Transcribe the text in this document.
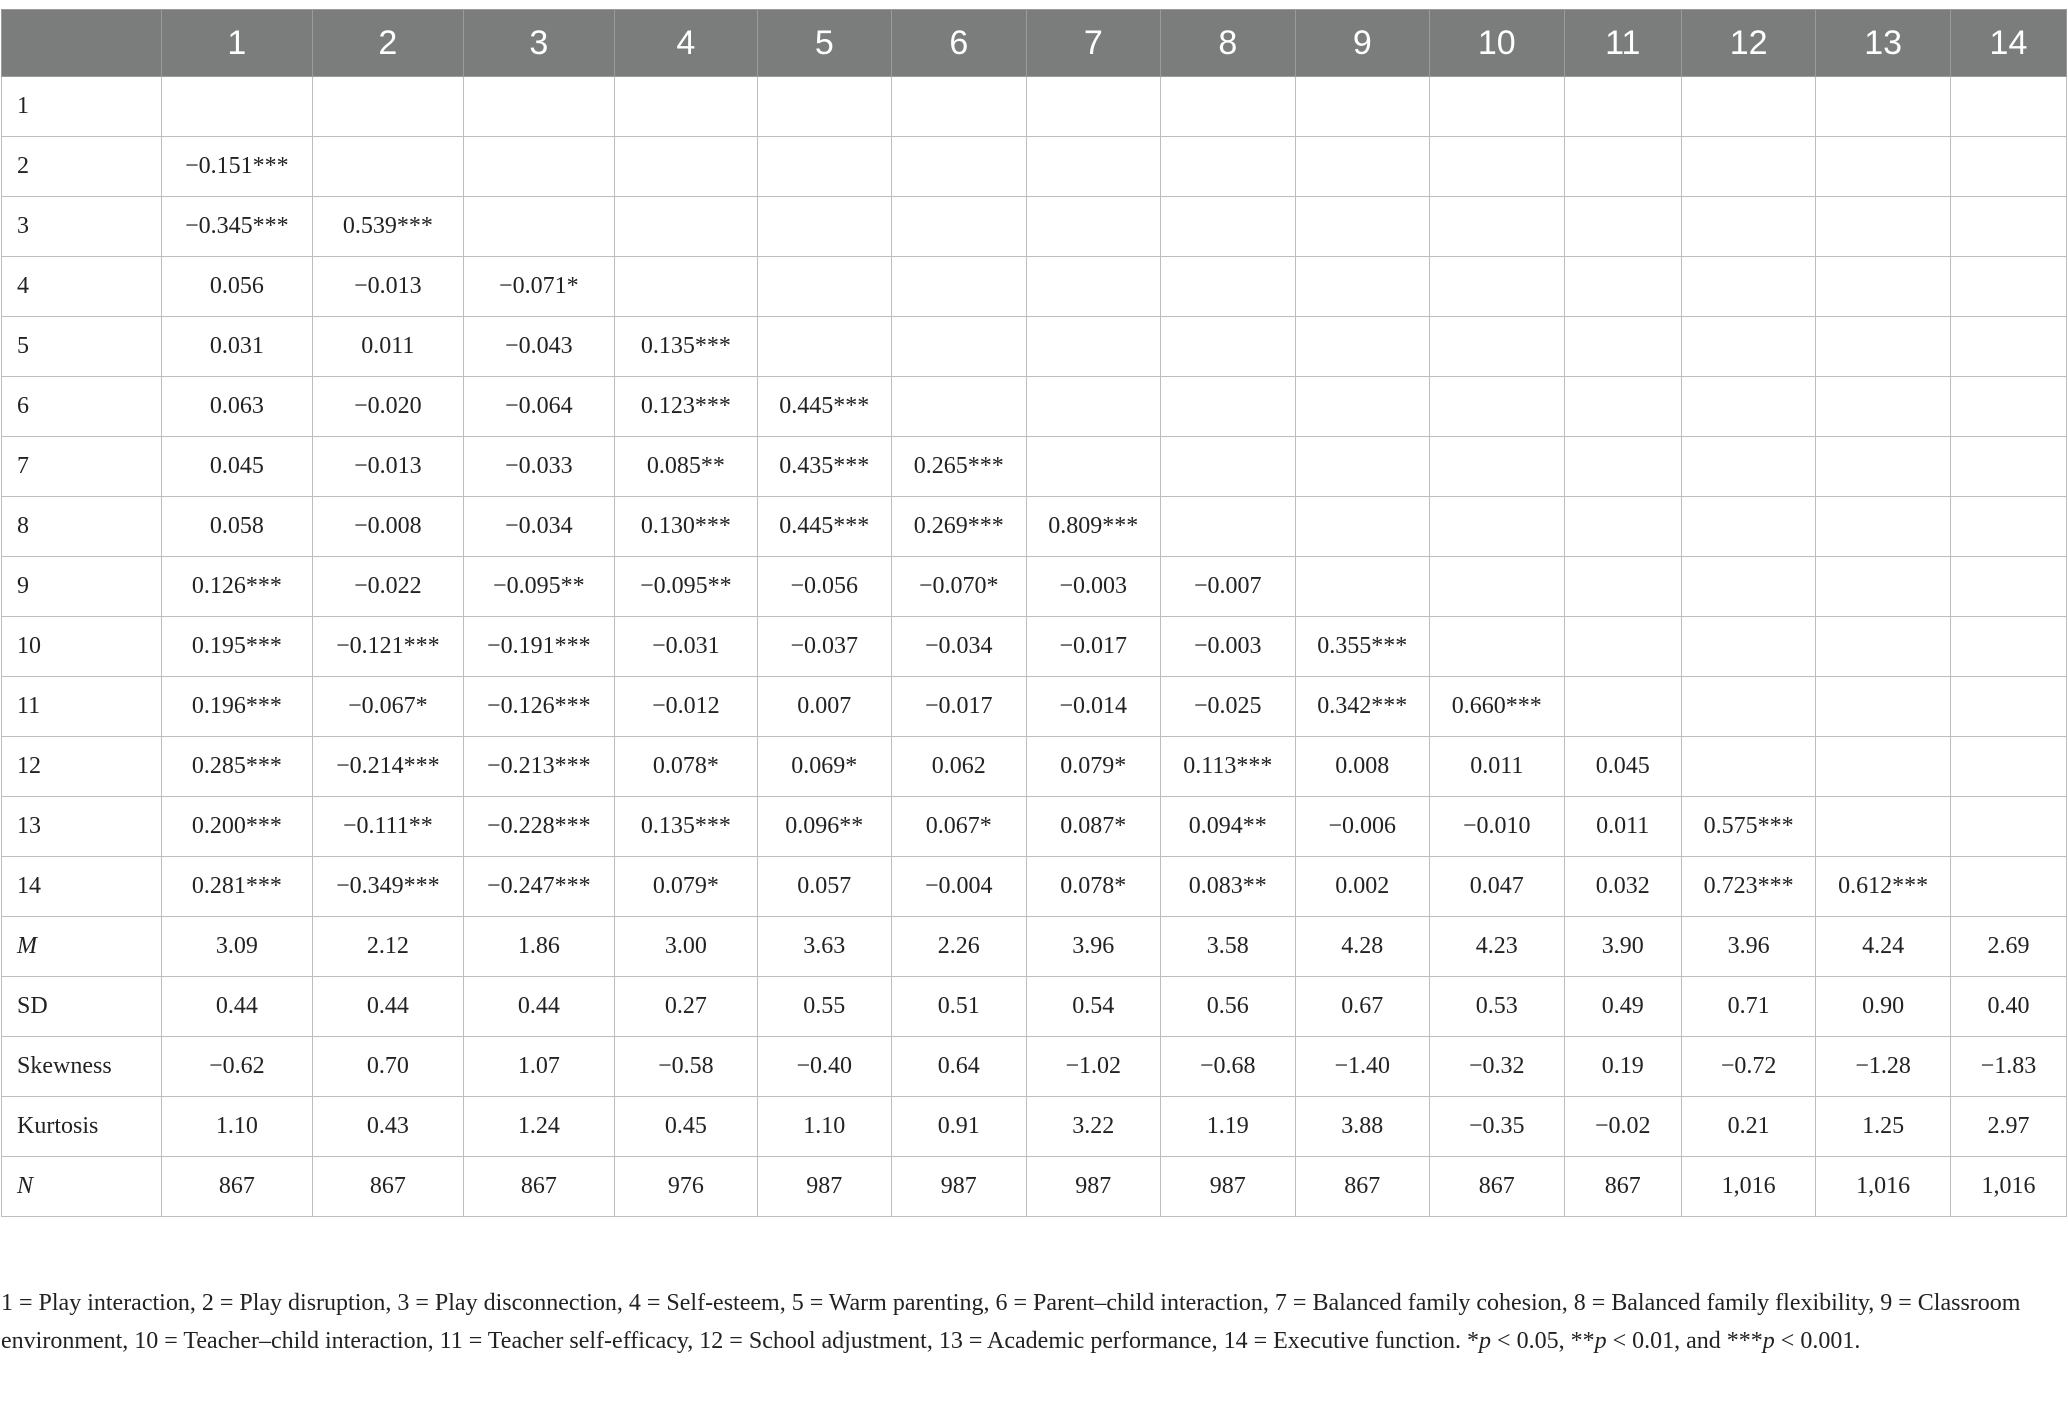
	1	2	3	4	5	6	7	8	9	10	11	12	13	14
1														
2	−0.151***													
3	−0.345***	0.539***												
4	0.056	−0.013	−0.071*											
5	0.031	0.011	−0.043	0.135***										
6	0.063	−0.020	−0.064	0.123***	0.445***									
7	0.045	−0.013	−0.033	0.085**	0.435***	0.265***								
8	0.058	−0.008	−0.034	0.130***	0.445***	0.269***	0.809***							
9	0.126***	−0.022	−0.095**	−0.095**	−0.056	−0.070*	−0.003	−0.007						
10	0.195***	−0.121***	−0.191***	−0.031	−0.037	−0.034	−0.017	−0.003	0.355***					
11	0.196***	−0.067*	−0.126***	−0.012	0.007	−0.017	−0.014	−0.025	0.342***	0.660***				
12	0.285***	−0.214***	−0.213***	0.078*	0.069*	0.062	0.079*	0.113***	0.008	0.011	0.045			
13	0.200***	−0.111**	−0.228***	0.135***	0.096**	0.067*	0.087*	0.094**	−0.006	−0.010	0.011	0.575***		
14	0.281***	−0.349***	−0.247***	0.079*	0.057	−0.004	0.078*	0.083**	0.002	0.047	0.032	0.723***	0.612***	
M	3.09	2.12	1.86	3.00	3.63	2.26	3.96	3.58	4.28	4.23	3.90	3.96	4.24	2.69
SD	0.44	0.44	0.44	0.27	0.55	0.51	0.54	0.56	0.67	0.53	0.49	0.71	0.90	0.40
Skewness	−0.62	0.70	1.07	−0.58	−0.40	0.64	−1.02	−0.68	−1.40	−0.32	0.19	−0.72	−1.28	−1.83
Kurtosis	1.10	0.43	1.24	0.45	1.10	0.91	3.22	1.19	3.88	−0.35	−0.02	0.21	1.25	2.97
N	867	867	867	976	987	987	987	987	867	867	867	1,016	1,016	1,016

1 = Play interaction, 2 = Play disruption, 3 = Play disconnection, 4 = Self-esteem, 5 = Warm parenting, 6 = Parent–child interaction, 7 = Balanced family cohesion, 8 = Balanced family flexibility, 9 = Classroom environment, 10 = Teacher–child interaction, 11 = Teacher self-efficacy, 12 = School adjustment, 13 = Academic performance, 14 = Executive function. *p < 0.05, **p < 0.01, and ***p < 0.001.
